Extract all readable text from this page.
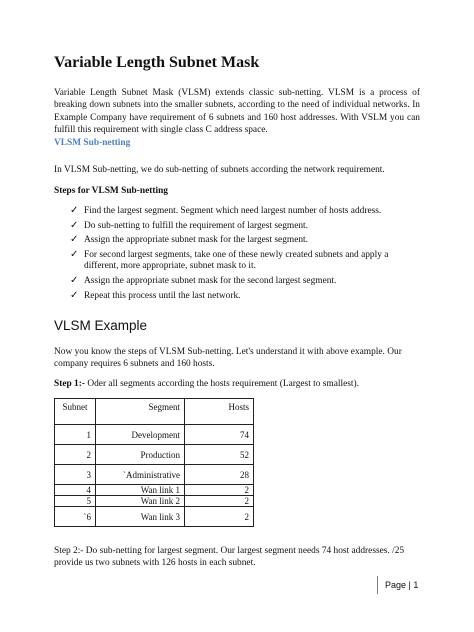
Variable Length Subnet Mask

Variable Length Subnet Mask (VLSM) extends classic sub-netting. VLSM is a process of breaking down subnets into the smaller subnets, according to the need of individual networks. In Example Company have requirement of 6 subnets and 160 host addresses. With VSLM you can fulfill this requirement with single class C address space.

VLSM Sub-netting
In VLSM Sub-netting, we do sub-netting of subnets according the network requirement.
Steps for VLSM Sub-netting
✓ Find the largest segment. Segment which need largest number of hosts address.
✓ Do sub-netting to fulfill the requirement of largest segment.
✓ Assign the appropriate subnet mask for the largest segment.
✓ For second largest segments, take one of these newly created subnets and apply a different, more appropriate, subnet mask to it.
✓ Assign the appropriate subnet mask for the second largest segment.
✓ Repeat this process until the last network.
VLSM Example

Now you know the steps of VLSM Sub-netting. Let's understand it with above example. Our company requires 6 subnets and 160 hosts.

Step 1:- Oder all segments according the hosts requirement (Largest to smallest).
Subnet	Segment	Hosts
1	Development	74
2	Production	52
3	`Administrative	28
4	Wan link 1	2
5	Wan link 2	2
`6	Wan link 3	2

Step 2:- Do sub-netting for largest segment. Our largest segment needs 74 host addresses. /25 provide us two subnets with 126 hosts in each subnet.

Page | 1
